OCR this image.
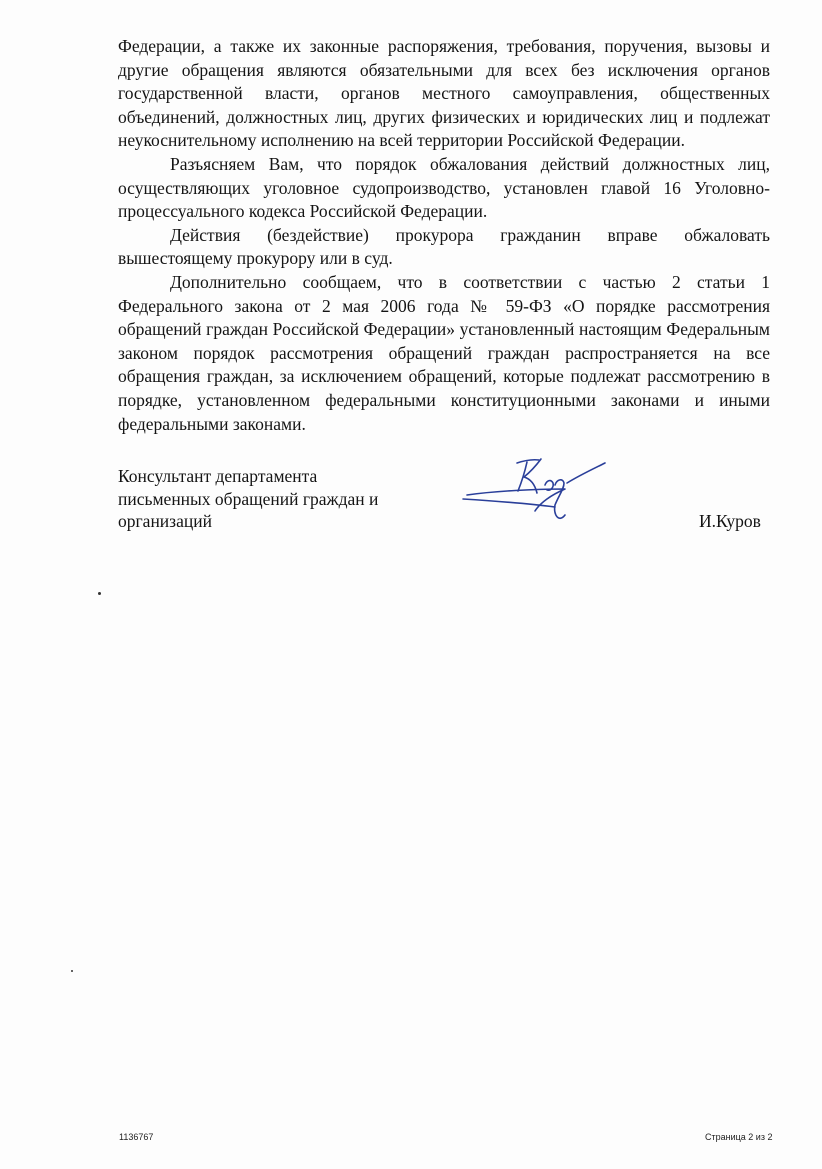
Федерации, а также их законные распоряжения, требования, поручения, вызовы и другие обращения являются обязательными для всех без исключения органов государственной власти, органов местного самоуправления, общественных объединений, должностных лиц, других физических и юридических лиц и подлежат неукоснительному исполнению на всей территории Российской Федерации.

Разъясняем Вам, что порядок обжалования действий должностных лиц, осуществляющих уголовное судопроизводство, установлен главой 16 Уголовно-процессуального кодекса Российской Федерации.

Действия (бездействие) прокурора гражданин вправе обжаловать вышестоящему прокурору или в суд.

Дополнительно сообщаем, что в соответствии с частью 2 статьи 1 Федерального закона от 2 мая 2006 года № 59-ФЗ «О порядке рассмотрения обращений граждан Российской Федерации» установленный настоящим Федеральным законом порядок рассмотрения обращений граждан распространяется на все обращения граждан, за исключением обращений, которые подлежат рассмотрению в порядке, установленном федеральными конституционными законами и иными федеральными законами.

Консультант департамента
письменных обращений граждан и
организаций	И.Куров
1136767	Страница 2 из 2
